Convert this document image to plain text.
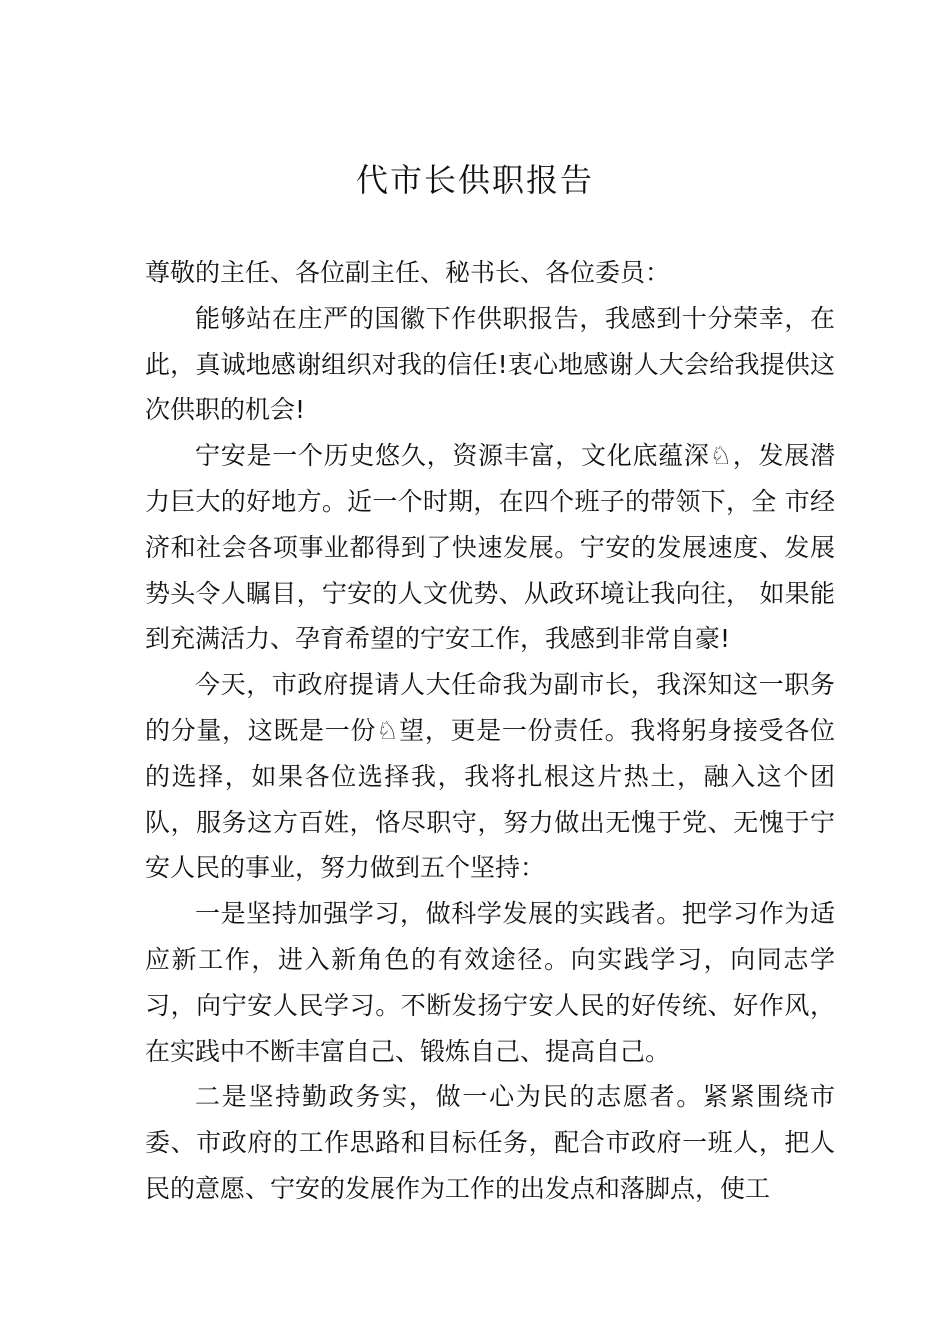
代市长供职报告

尊敬的主任、各位副主任、秘书长、各位委员：

能够站在庄严的国徽下作供职报告，我感到十分荣幸，在此，真诚地感谢组织对我的信任!衷心地感谢人大会给我提供这次供职的机会!

宁安是一个历史悠久，资源丰富，文化底蕴深♘，发展潜力巨大的好地方。近一个时期，在四个班子的带领下，全 市经济和社会各项事业都得到了快速发展。宁安的发展速度、发展势头令人瞩目，宁安的人文优势、从政环境让我向往， 如果能到充满活力、孕育希望的宁安工作，我感到非常自豪!

今天，市政府提请人大任命我为副市长，我深知这一职务的分量，这既是一份♘望，更是一份责任。我将躬身接受各位的选择，如果各位选择我，我将扎根这片热土，融入这个团队，服务这方百姓，恪尽职守，努力做出无愧于党、无愧于宁安人民的事业，努力做到五个坚持：

一是坚持加强学习，做科学发展的实践者。把学习作为适应新工作，进入新角色的有效途径。向实践学习，向同志学习，向宁安人民学习。不断发扬宁安人民的好传统、好作风，在实践中不断丰富自己、锻炼自己、提高自己。

二是坚持勤政务实，做一心为民的志愿者。紧紧围绕市委、市政府的工作思路和目标任务，配合市政府一班人，把人民的意愿、宁安的发展作为工作的出发点和落脚点，使工
